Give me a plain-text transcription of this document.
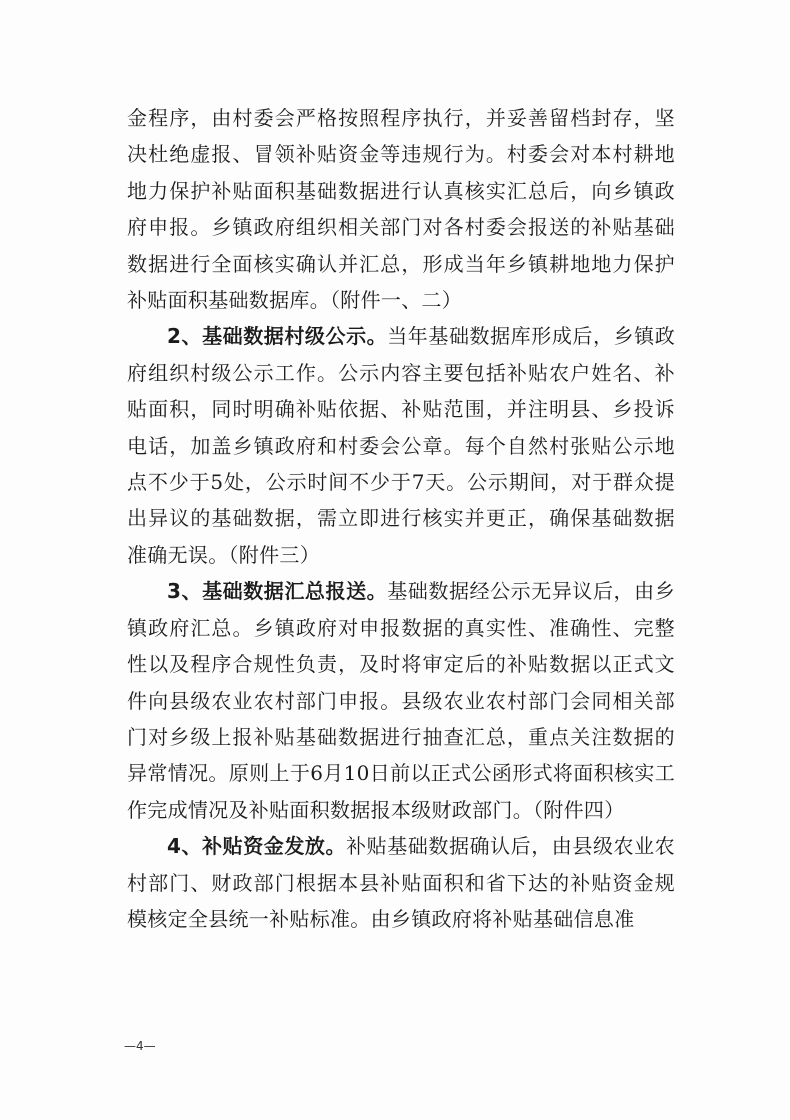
金程序，由村委会严格按照程序执行，并妥善留档封存，坚决杜绝虚报、冒领补贴资金等违规行为。村委会对本村耕地地力保护补贴面积基础数据进行认真核实汇总后，向乡镇政府申报。乡镇政府组织相关部门对各村委会报送的补贴基础数据进行全面核实确认并汇总，形成当年乡镇耕地地力保护补贴面积基础数据库。（附件一、二）

2、基础数据村级公示。当年基础数据库形成后，乡镇政府组织村级公示工作。公示内容主要包括补贴农户姓名、补贴面积，同时明确补贴依据、补贴范围，并注明县、乡投诉电话，加盖乡镇政府和村委会公章。每个自然村张贴公示地点不少于5处，公示时间不少于7天。公示期间，对于群众提出异议的基础数据，需立即进行核实并更正，确保基础数据准确无误。（附件三）

3、基础数据汇总报送。基础数据经公示无异议后，由乡镇政府汇总。乡镇政府对申报数据的真实性、准确性、完整性以及程序合规性负责，及时将审定后的补贴数据以正式文件向县级农业农村部门申报。县级农业农村部门会同相关部门对乡级上报补贴基础数据进行抽查汇总，重点关注数据的异常情况。原则上于6月10日前以正式公函形式将面积核实工作完成情况及补贴面积数据报本级财政部门。（附件四）

4、补贴资金发放。补贴基础数据确认后，由县级农业农村部门、财政部门根据本县补贴面积和省下达的补贴资金规模核定全县统一补贴标准。由乡镇政府将补贴基础信息准

—4—
